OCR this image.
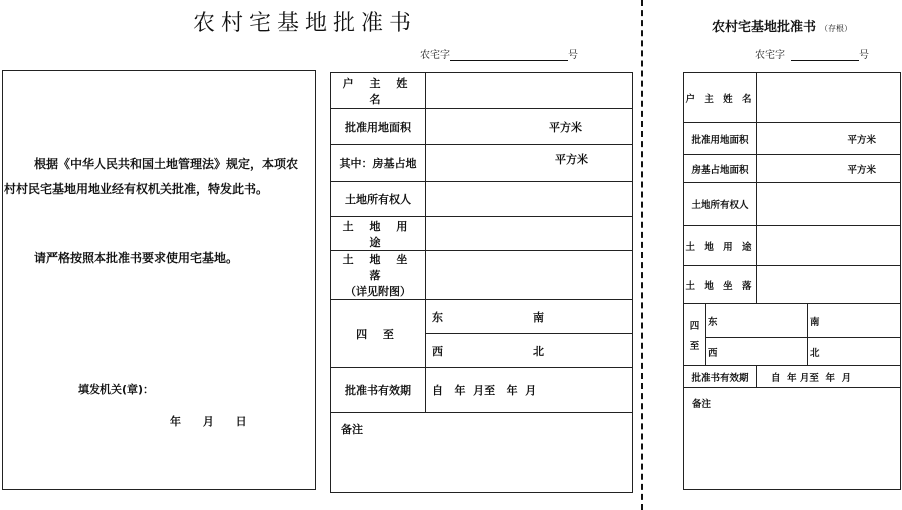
农村宅基地批准书
农宅字	号
根据《中华人民共和国土地管理法》规定，本项农村村民宅基地用地业经有权机关批准，特发此书。
请严格按照本批准书要求使用宅基地。
填发机关(章)：
年 月 日
户 主 姓 名	
批准用地面积	平方米
其中：房基占地	平方米
土地所有权人	
土 地 用 途	

土 地 坐 落
（详见附图）	

四 至	东 南
	西 北
批准书有效期	自   年  月至   年  月
备注	
农村宅基地批准书 （存根）
农宅字	号
户 主 姓 名			
批准用地面积		平方米	
房基占地面积		平方米	
土地所有权人			
土 地 用 途			
土 地 坐 落			

四
至	东		南
	西		北
批准书有效期		自  年 月至  年  月	
备注			
